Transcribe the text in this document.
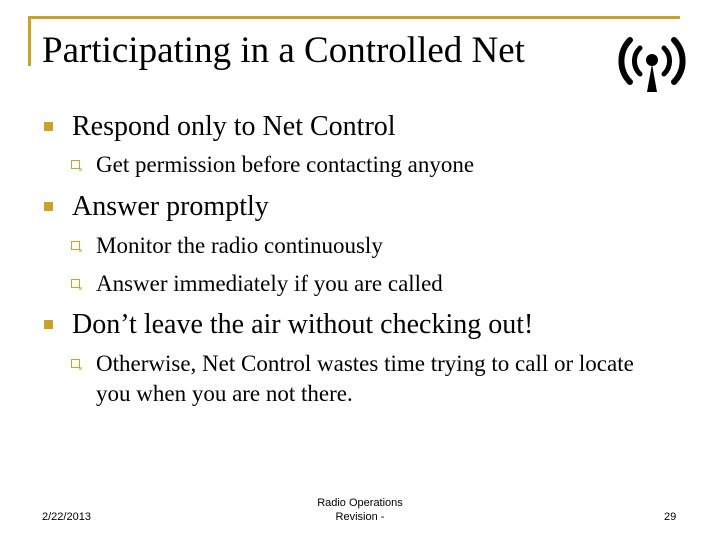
Participating in a Controlled Net
Respond only to Net Control
Get permission before contacting anyone
Answer promptly
Monitor the radio continuously
Answer immediately if you are called
Don’t leave the air without checking out!
Otherwise, Net Control wastes time trying to call or locate you when you are not there.
2/22/2013
Radio Operations
Revision -	29
